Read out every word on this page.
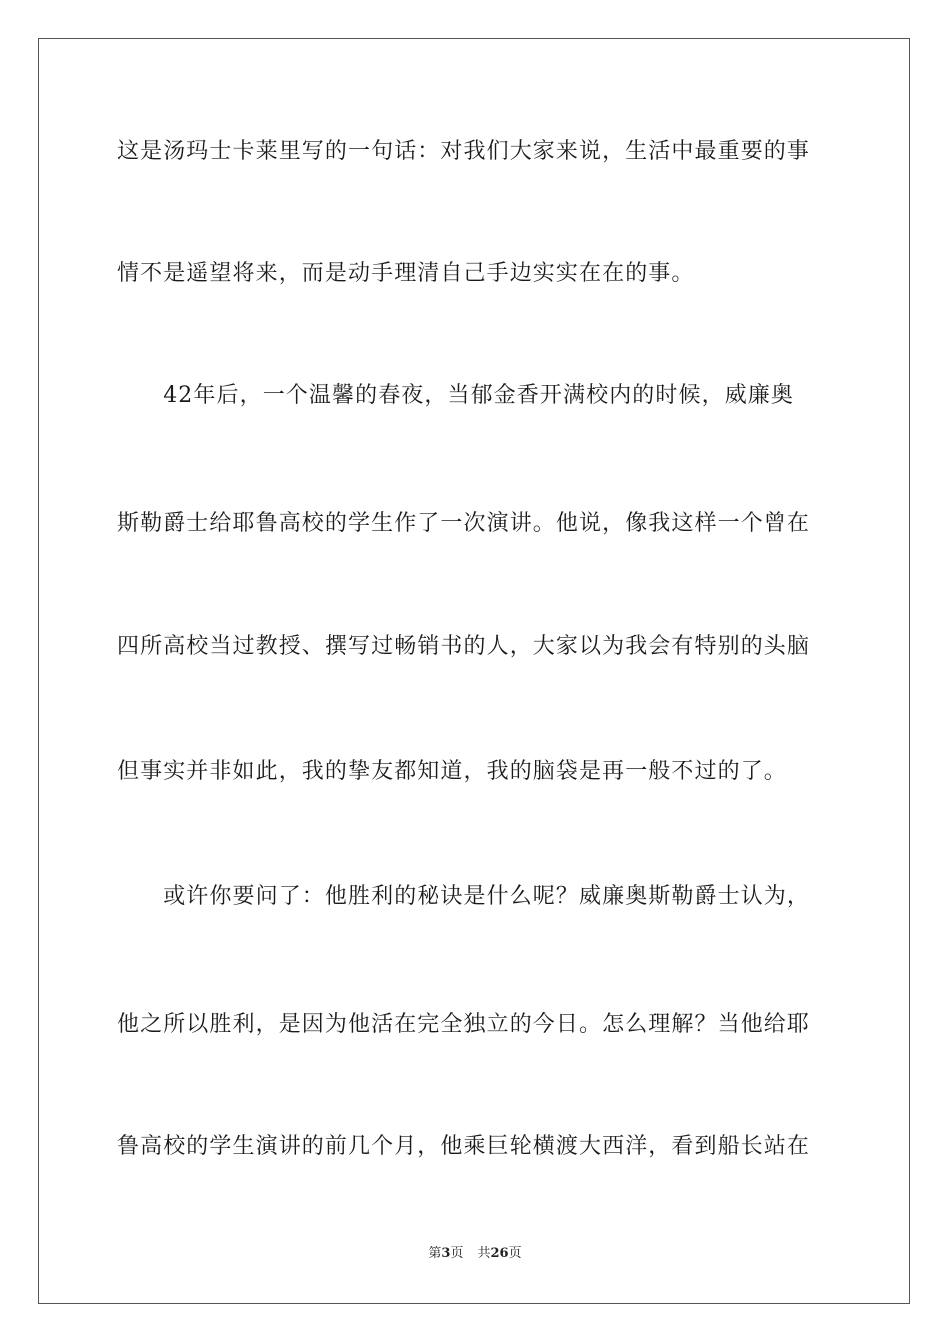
这是汤玛士卡莱里写的一句话：对我们大家来说，生活中最重要的事
情不是遥望将来，而是动手理清自己手边实实在在的事。
　　42年后，一个温馨的春夜，当郁金香开满校内的时候，威廉奥
斯勒爵士给耶鲁高校的学生作了一次演讲。他说，像我这样一个曾在
四所高校当过教授、撰写过畅销书的人，大家以为我会有特别的头脑
但事实并非如此，我的挚友都知道，我的脑袋是再一般不过的了。
　　或许你要问了：他胜利的秘诀是什么呢？威廉奥斯勒爵士认为，
他之所以胜利，是因为他活在完全独立的今日。怎么理解？当他给耶
鲁高校的学生演讲的前几个月，他乘巨轮横渡大西洋，看到船长站在
第3页 共26页
